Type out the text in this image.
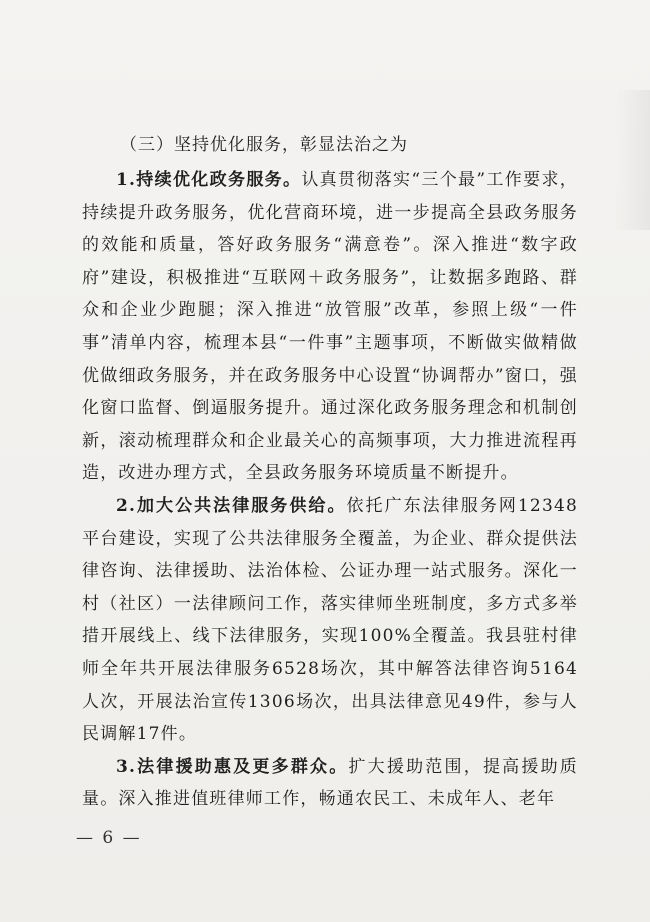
（三）坚持优化服务，彰显法治之为

1.持续优化政务服务。认真贯彻落实“三个最”工作要求，持续提升政务服务，优化营商环境，进一步提高全县政务服务的效能和质量，答好政务服务“满意卷”。深入推进“数字政府”建设，积极推进“互联网＋政务服务”，让数据多跑路、群众和企业少跑腿；深入推进“放管服”改革，参照上级“一件事”清单内容，梳理本县“一件事”主题事项，不断做实做精做优做细政务服务，并在政务服务中心设置“协调帮办”窗口，强化窗口监督、倒逼服务提升。通过深化政务服务理念和机制创新，滚动梳理群众和企业最关心的高频事项，大力推进流程再造，改进办理方式，全县政务服务环境质量不断提升。

2.加大公共法律服务供给。依托广东法律服务网12348平台建设，实现了公共法律服务全覆盖，为企业、群众提供法律咨询、法律援助、法治体检、公证办理一站式服务。深化一村（社区）一法律顾问工作，落实律师坐班制度，多方式多举措开展线上、线下法律服务，实现100%全覆盖。我县驻村律师全年共开展法律服务6528场次，其中解答法律咨询5164人次，开展法治宣传1306场次，出具法律意见49件，参与人民调解17件。

3.法律援助惠及更多群众。扩大援助范围，提高援助质量。深入推进值班律师工作，畅通农民工、未成年人、老年

— 6 —
